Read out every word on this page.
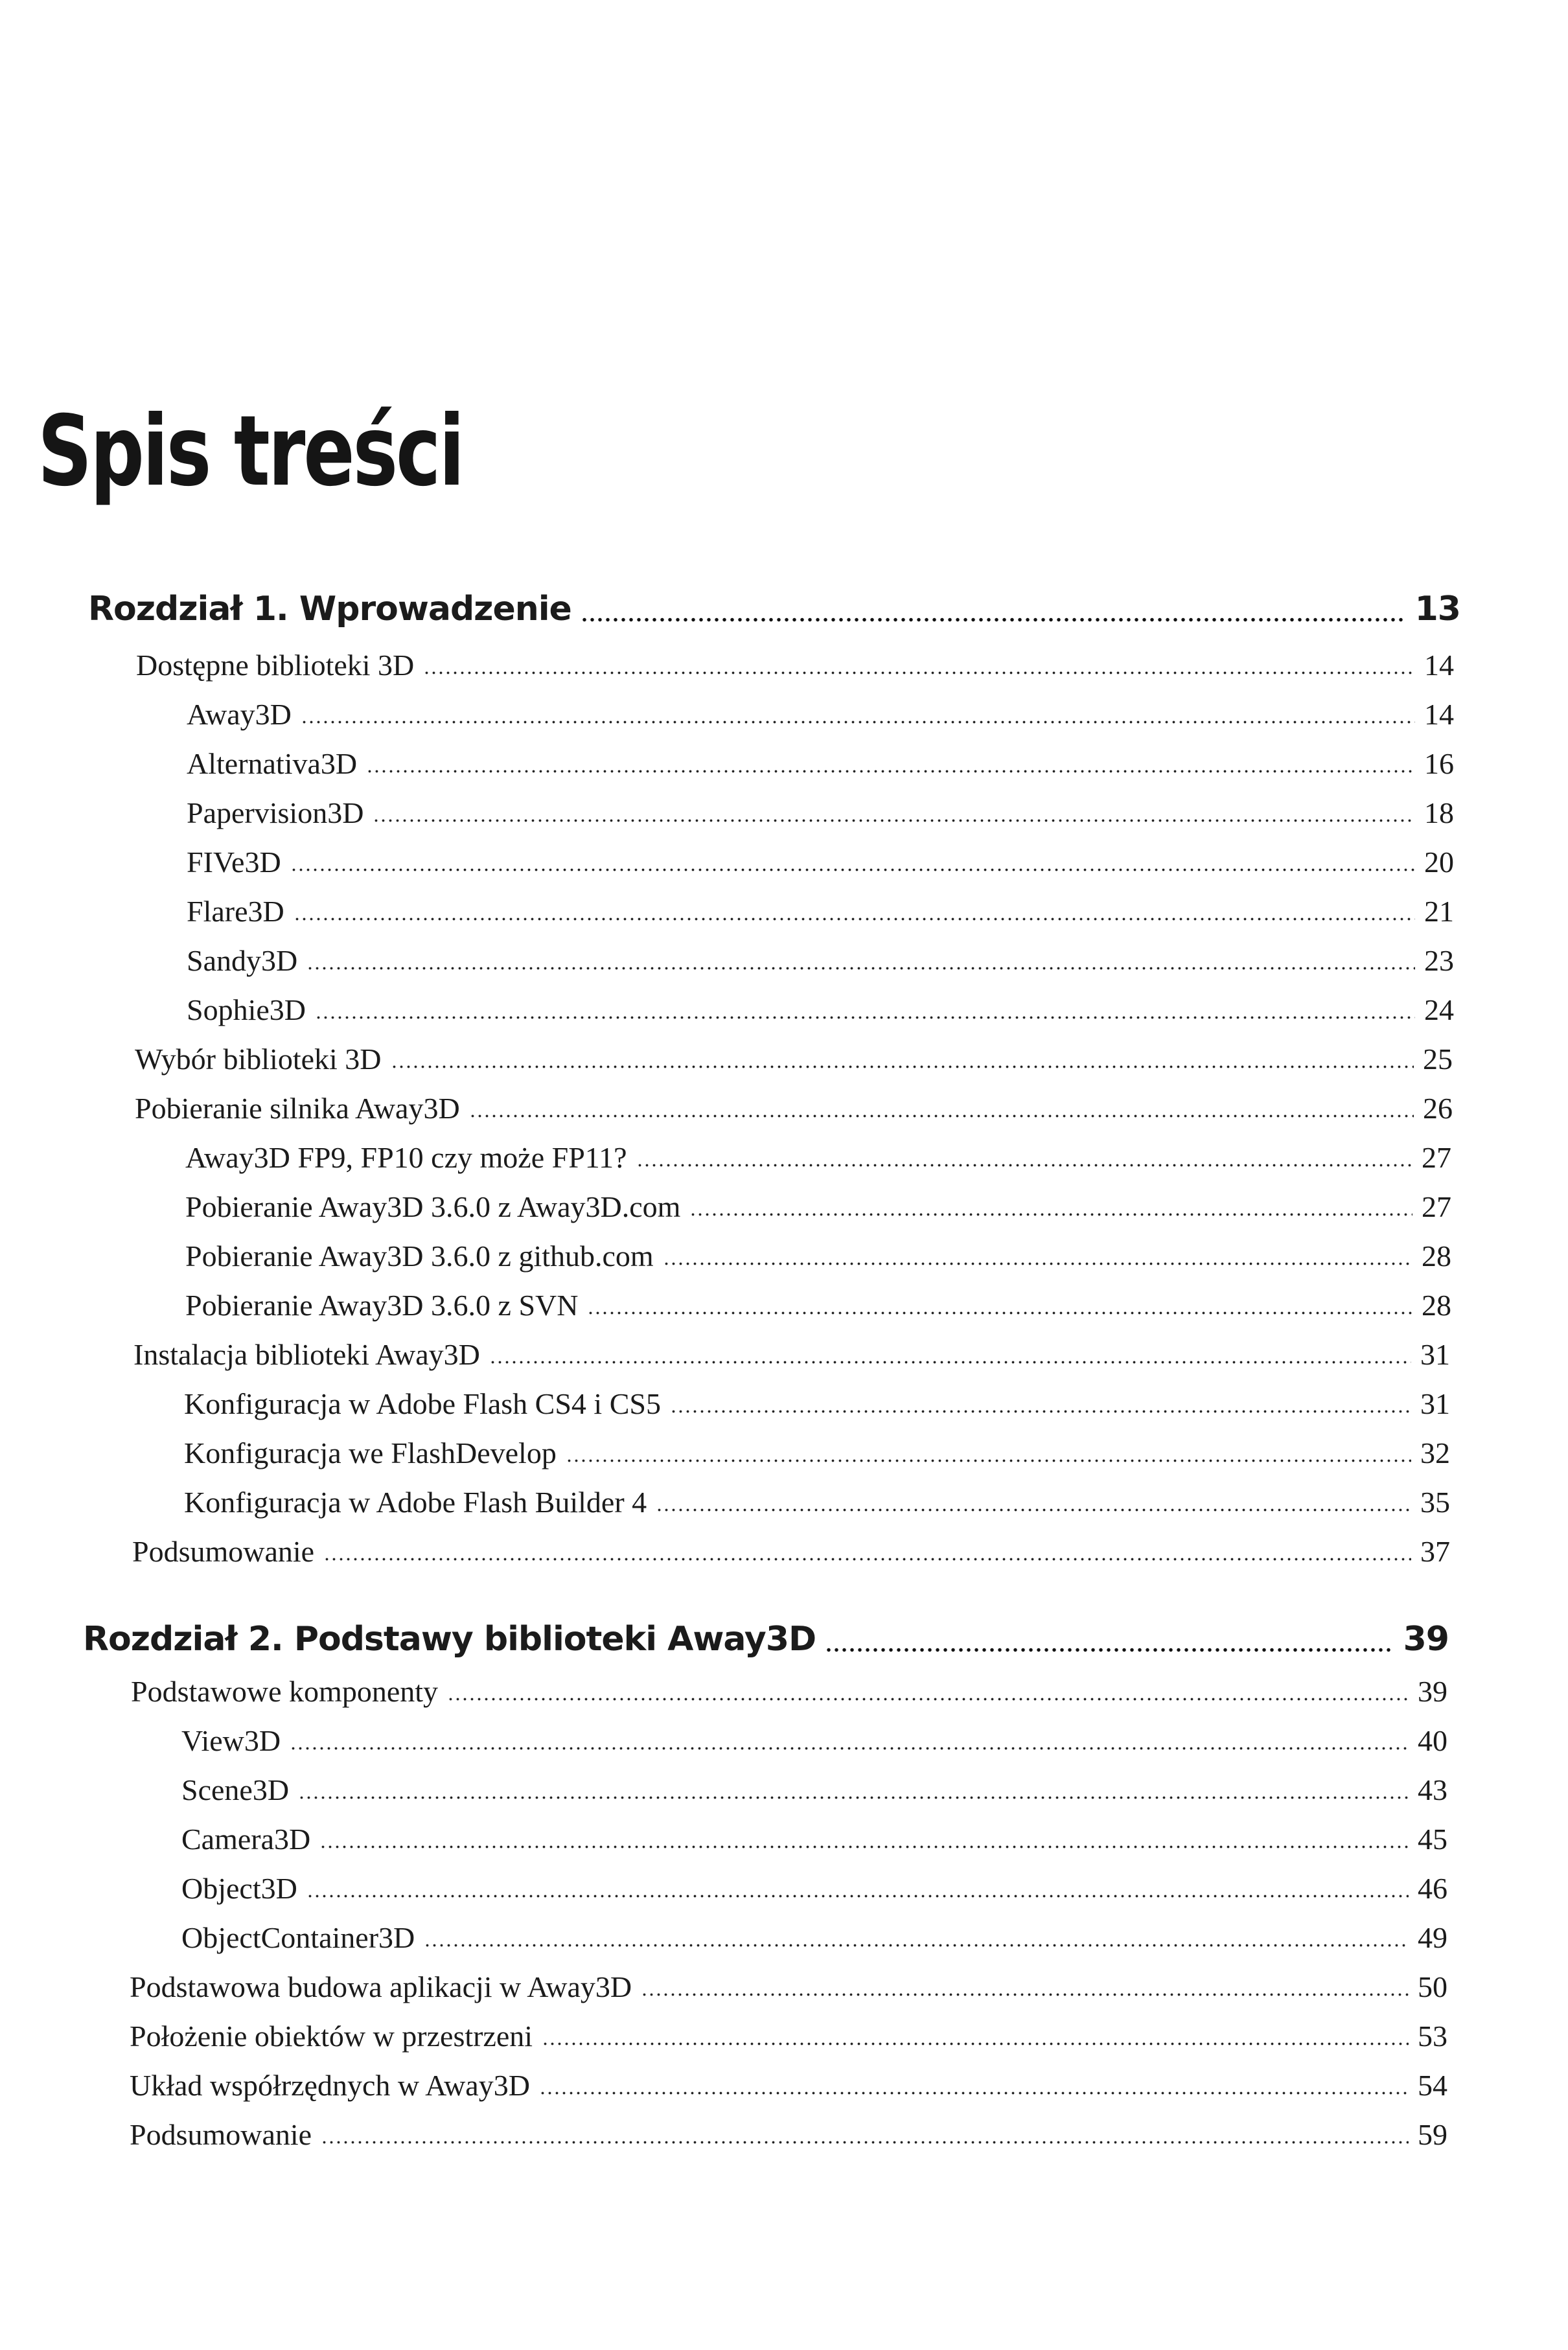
Spis treści
Rozdział 1. Wprowadzenie	13
Dostępne biblioteki 3D	14
Away3D	14
Alternativa3D	16
Papervision3D	18
FIVe3D	20
Flare3D	21
Sandy3D	23
Sophie3D	24
Wybór biblioteki 3D	25
Pobieranie silnika Away3D	26
Away3D FP9, FP10 czy może FP11?	27
Pobieranie Away3D 3.6.0 z Away3D.com	27
Pobieranie Away3D 3.6.0 z github.com	28
Pobieranie Away3D 3.6.0 z SVN	28
Instalacja biblioteki Away3D	31
Konfiguracja w Adobe Flash CS4 i CS5	31
Konfiguracja we FlashDevelop	32
Konfiguracja w Adobe Flash Builder 4	35
Podsumowanie	37
Rozdział 2. Podstawy biblioteki Away3D	39
Podstawowe komponenty	39
View3D	40
Scene3D	43
Camera3D	45
Object3D	46
ObjectContainer3D	49
Podstawowa budowa aplikacji w Away3D	50
Położenie obiektów w przestrzeni	53
Układ współrzędnych w Away3D	54
Podsumowanie	59
